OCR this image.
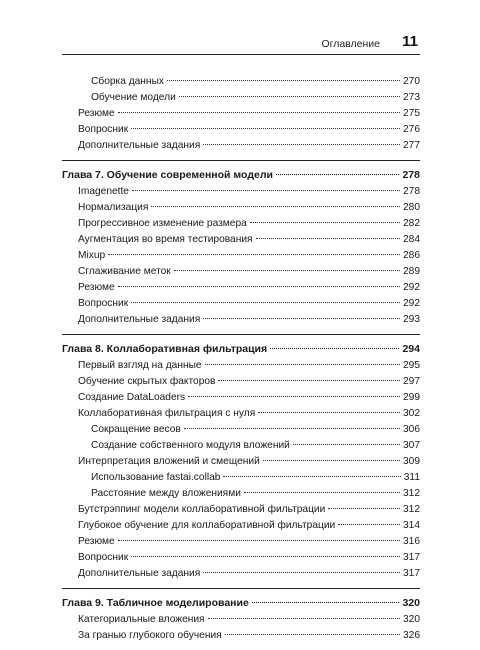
Оглавление 11
Сборка данных	270
Обучение модели	273
Резюме	275
Вопросник	276
Дополнительные задания	277
Глава 7. Обучение современной модели	278
Imagenette	278
Нормализация	280
Прогрессивное изменение размера	282
Аугментация во время тестирования	284
Mixup	286
Сглаживание меток	289
Резюме	292
Вопросник	292
Дополнительные задания	293
Глава 8. Коллаборативная фильтрация	294
Первый взгляд на данные	295
Обучение скрытых факторов	297
Создание DataLoaders	299
Коллаборативная фильтрация с нуля	302
Сокращение весов	306
Создание собственного модуля вложений	307
Интерпретация вложений и смещений	309
Использование fastai.collab	311
Расстояние между вложениями	312
Бутстрэппинг модели коллаборативной фильтрации	312
Глубокое обучение для коллаборативной фильтрации	314
Резюме	316
Вопросник	317
Дополнительные задания	317
Глава 9. Табличное моделирование	320
Категориальные вложения	320
За гранью глубокого обучения	326
